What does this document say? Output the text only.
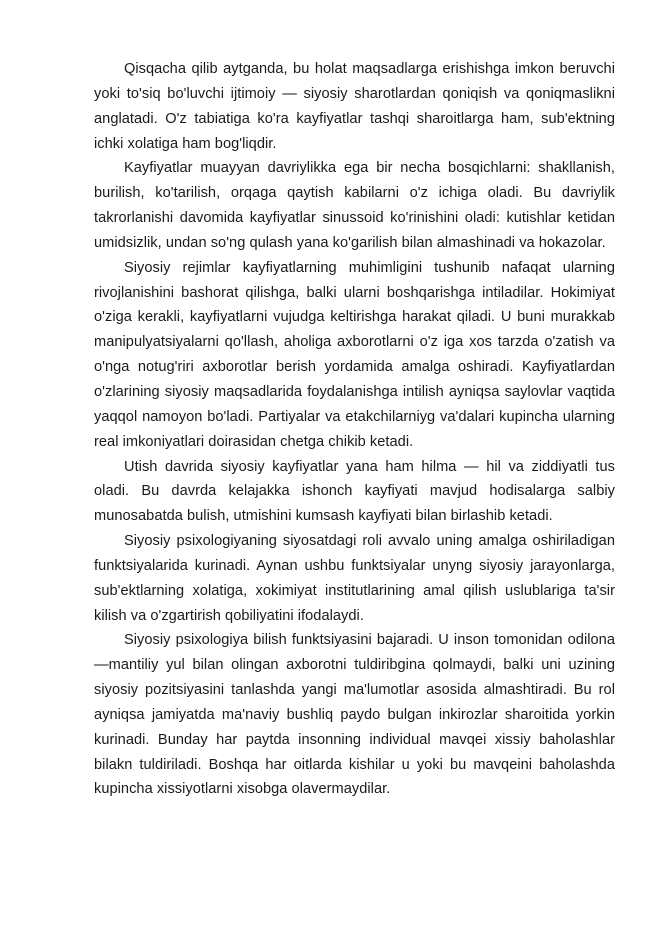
Qisqacha qilib aytganda, bu holat maqsadlarga erishishga imkon beruvchi yoki to'siq bo'luvchi ijtimoiy — siyosiy sharotlardan qoniqish va qoniqmaslikni anglatadi. O'z tabiatiga ko'ra kayfiyatlar tashqi sharoitlarga ham, sub'ektning ichki xolatiga ham bog'liqdir.

Kayfiyatlar muayyan davriylikka ega bir necha bosqichlarni: shakllanish, burilish, ko'tarilish, orqaga qaytish kabilarni o'z ichiga oladi. Bu davriylik takrorlanishi davomida kayfiyatlar sinussoid ko'rinishini oladi: kutishlar ketidan umidsizlik, undan so'ng qulash yana ko'garilish bilan almashinadi va hokazolar.

Siyosiy rejimlar kayfiyatlarning muhimligini tushunib nafaqat ularning rivojlanishini bashorat qilishga, balki ularni boshqarishga intiladilar. Hokimiyat o'ziga kerakli, kayfiyatlarni vujudga keltirishga harakat qiladi. U buni murakkab manipulyatsiyalarni qo'llash, aholiga axborotlarni o'z iga xos tarzda o'zatish va o'nga notug'riri axborotlar berish yordamida amalga oshiradi. Kayfiyatlardan o'zlarining siyosiy maqsadlarida foydalanishga intilish ayniqsa saylovlar vaqtida yaqqol namoyon bo'ladi. Partiyalar va etakchilarniyg va'dalari kupincha ularning real imkoniyatlari doirasidan chetga chikib ketadi.

Utish davrida siyosiy kayfiyatlar yana ham hilma — hil va ziddiyatli tus oladi. Bu davrda kelajakka ishonch kayfiyati mavjud hodisalarga salbiy munosabatda bulish, utmishini kumsash kayfiyati bilan birlashib ketadi.

Siyosiy psixologiyaning siyosatdagi roli avvalo uning amalga oshiriladigan funktsiyalarida kurinadi. Aynan ushbu funktsiyalar unyng siyosiy jarayonlarga, sub'ektlarning xolatiga, xokimiyat institutlarining amal qilish uslublariga ta'sir kilish va o'zgartirish qobiliyatini ifodalaydi.

Siyosiy psixologiya bilish funktsiyasini bajaradi. U inson tomonidan odilona —mantiliy yul bilan olingan axborotni tuldiribgina qolmaydi, balki uni uzining siyosiy pozitsiyasini tanlashda yangi ma'lumotlar asosida almashtiradi. Bu rol ayniqsa jamiyatda ma'naviy bushliq paydo bulgan inkirozlar sharoitida yorkin kurinadi. Bunday har paytda insonning individual mavqei xissiy baholashlar bilakn tuldiriladi. Boshqa har oitlarda kishilar u yoki bu mavqeini baholashda kupincha xissiyotlarni xisobga olavermaydilar.
